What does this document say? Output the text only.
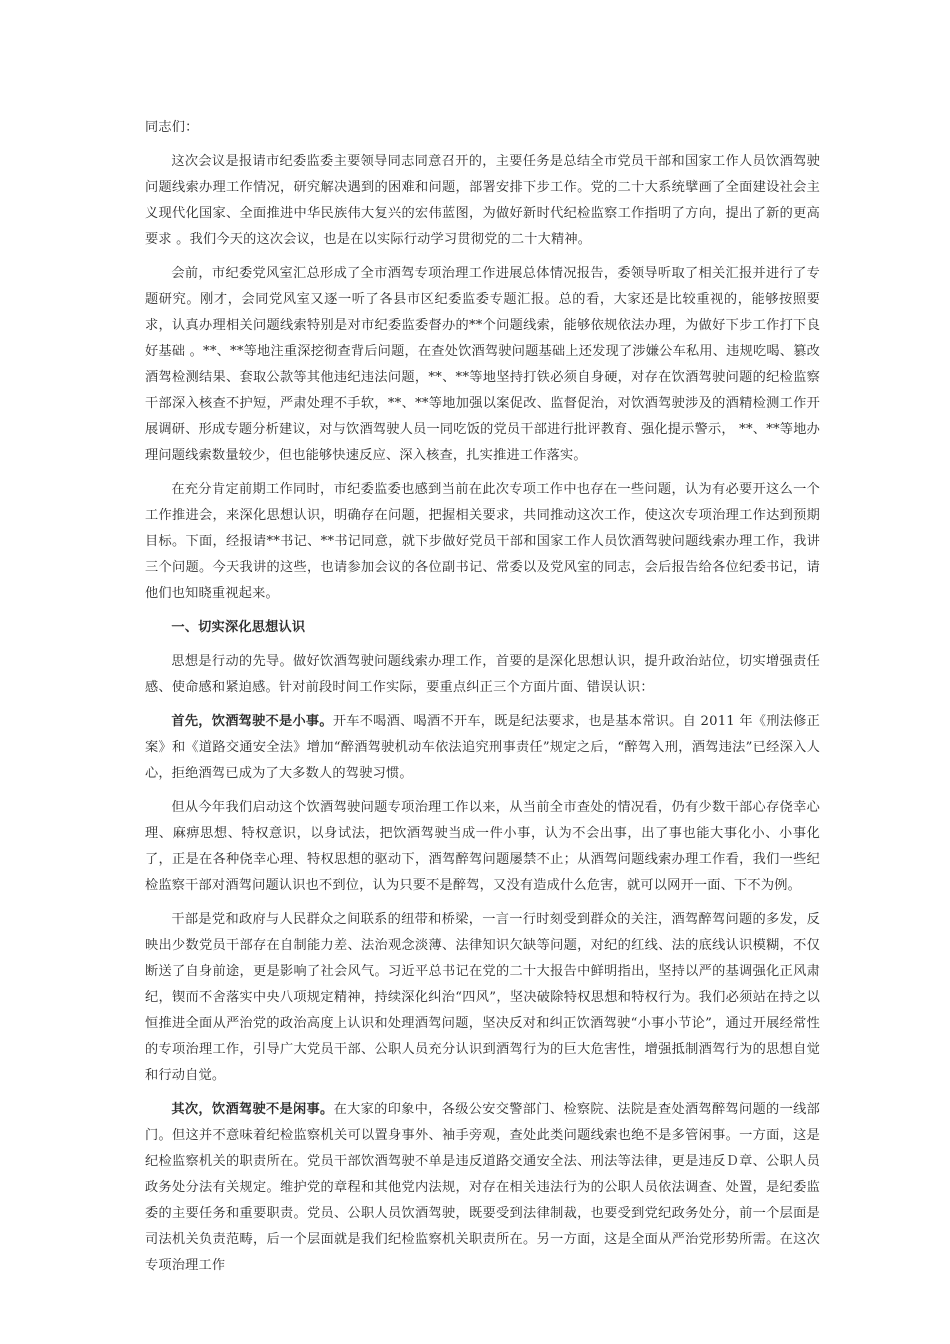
同志们：

这次会议是报请市纪委监委主要领导同志同意召开的，主要任务是总结全市党员干部和国家工作人员饮酒驾驶问题线索办理工作情况，研究解决遇到的困难和问题，部署安排下步工作。党的二十大系统擘画了全面建设社会主义现代化国家、全面推进中华民族伟大复兴的宏伟蓝图，为做好新时代纪检监察工作指明了方向，提出了新的更高要求 。我们今天的这次会议，也是在以实际行动学习贯彻党的二十大精神。

会前，市纪委党风室汇总形成了全市酒驾专项治理工作进展总体情况报告，委领导听取了相关汇报并进行了专题研究。刚才，会同党风室又逐一听了各县市区纪委监委专题汇报。总的看，大家还是比较重视的，能够按照要求，认真办理相关问题线索特别是对市纪委监委督办的**个问题线索，能够依规依法办理，为做好下步工作打下良好基础 。**、**等地注重深挖彻查背后问题，在查处饮酒驾驶问题基础上还发现了涉嫌公车私用、违规吃喝、篡改酒驾检测结果、套取公款等其他违纪违法问题，**、**等地坚持打铁必须自身硬，对存在饮酒驾驶问题的纪检监察干部深入核查不护短，严肃处理不手软，**、**等地加强以案促改、监督促治，对饮酒驾驶涉及的酒精检测工作开展调研、形成专题分析建议，对与饮酒驾驶人员一同吃饭的党员干部进行批评教育、强化提示警示， **、**等地办理问题线索数量较少，但也能够快速反应、深入核查，扎实推进工作落实。

在充分肯定前期工作同时，市纪委监委也感到当前在此次专项工作中也存在一些问题，认为有必要开这么一个工作推进会，来深化思想认识，明确存在问题，把握相关要求，共同推动这次工作，使这次专项治理工作达到预期目标。下面，经报请**书记、**书记同意，就下步做好党员干部和国家工作人员饮酒驾驶问题线索办理工作，我讲三个问题。今天我讲的这些，也请参加会议的各位副书记、常委以及党风室的同志，会后报告给各位纪委书记，请他们也知晓重视起来。

一、切实深化思想认识

思想是行动的先导。做好饮酒驾驶问题线索办理工作，首要的是深化思想认识，提升政治站位，切实增强责任感、使命感和紧迫感。针对前段时间工作实际，要重点纠正三个方面片面、错误认识：

首先，饮酒驾驶不是小事。开车不喝酒、喝酒不开车，既是纪法要求，也是基本常识。自 2011 年《刑法修正案》和《道路交通安全法》增加“醉酒驾驶机动车依法追究刑事责任”规定之后，“醉驾入刑，酒驾违法”已经深入人心，拒绝酒驾已成为了大多数人的驾驶习惯。

但从今年我们启动这个饮酒驾驶问题专项治理工作以来，从当前全市查处的情况看，仍有少数干部心存侥幸心理、麻痹思想、特权意识，以身试法，把饮酒驾驶当成一件小事，认为不会出事，出了事也能大事化小、小事化了，正是在各种侥幸心理、特权思想的驱动下，酒驾醉驾问题屡禁不止；从酒驾问题线索办理工作看，我们一些纪检监察干部对酒驾问题认识也不到位，认为只要不是醉驾，又没有造成什么危害，就可以网开一面、下不为例。

干部是党和政府与人民群众之间联系的纽带和桥梁，一言一行时刻受到群众的关注，酒驾醉驾问题的多发，反映出少数党员干部存在自制能力差、法治观念淡薄、法律知识欠缺等问题，对纪的红线、法的底线认识模糊，不仅断送了自身前途，更是影响了社会风气。习近平总书记在党的二十大报告中鲜明指出，坚持以严的基调强化正风肃纪，锲而不舍落实中央八项规定精神，持续深化纠治“四风”，坚决破除特权思想和特权行为。我们必须站在持之以恒推进全面从严治党的政治高度上认识和处理酒驾问题，坚决反对和纠正饮酒驾驶“小事小节论”，通过开展经常性的专项治理工作，引导广大党员干部、公职人员充分认识到酒驾行为的巨大危害性，增强抵制酒驾行为的思想自觉和行动自觉。

其次，饮酒驾驶不是闲事。在大家的印象中，各级公安交警部门、检察院、法院是查处酒驾醉驾问题的一线部门。但这并不意味着纪检监察机关可以置身事外、袖手旁观，查处此类问题线索也绝不是多管闲事。一方面，这是纪检监察机关的职责所在。党员干部饮酒驾驶不单是违反道路交通安全法、刑法等法律，更是违反Ｄ章、公职人员政务处分法有关规定。维护党的章程和其他党内法规，对存在相关违法行为的公职人员依法调查、处置，是纪委监委的主要任务和重要职责。党员、公职人员饮酒驾驶，既要受到法律制裁，也要受到党纪政务处分，前一个层面是司法机关负责范畴，后一个层面就是我们纪检监察机关职责所在。另一方面，这是全面从严治党形势所需。在这次专项治理工作
